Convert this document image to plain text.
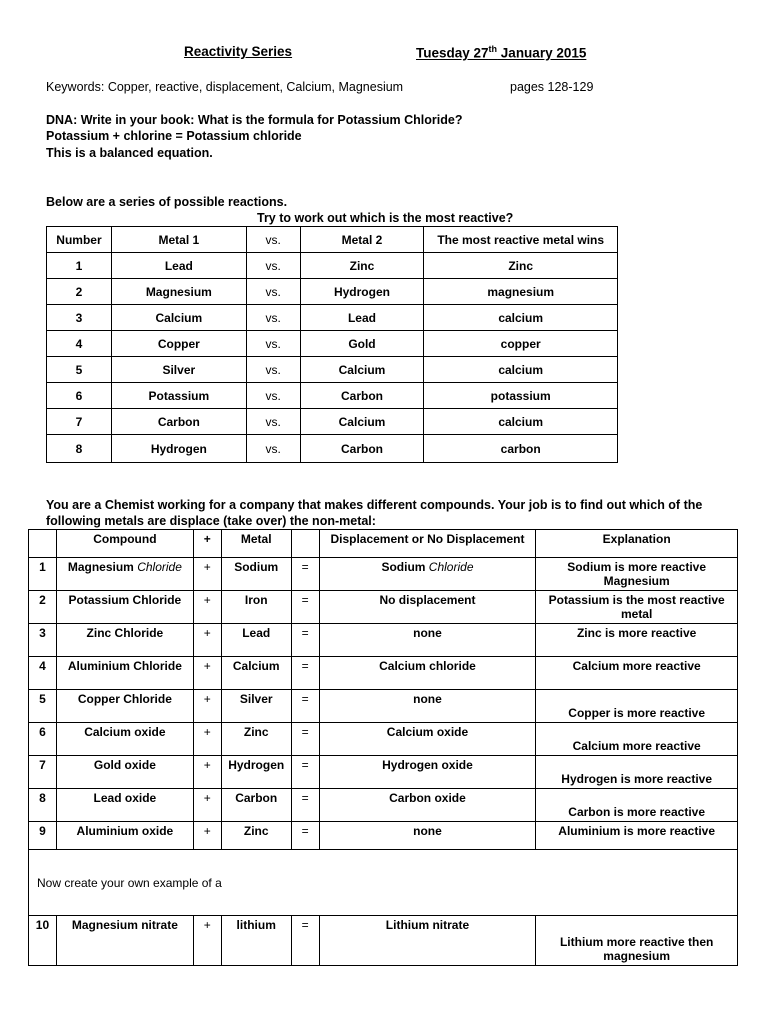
Reactivity Series	Tuesday 27th January 2015
Keywords: Copper, reactive, displacement, Calcium, Magnesium	pages 128-129
DNA: Write in your book: What is the formula for Potassium Chloride?
Potassium + chlorine = Potassium chloride
This is a balanced equation.
Below are a series of possible reactions.
Try to work out which is the most reactive?
Number	Metal 1	vs.	Metal 2	The most reactive metal wins
1	Lead	vs.	Zinc	Zinc
2	Magnesium	vs.	Hydrogen	magnesium
3	Calcium	vs.	Lead	calcium
4	Copper	vs.	Gold	copper
5	Silver	vs.	Calcium	calcium
6	Potassium	vs.	Carbon	potassium
7	Carbon	vs.	Calcium	calcium
8	Hydrogen	vs.	Carbon	carbon
You are a Chemist working for a company that makes different compounds. Your job is to find out which of the
following metals are displace (take over) the non-metal:
	Compound	+	Metal		Displacement or No Displacement	Explanation
1	Magnesium Chloride	+	Sodium	=	Sodium Chloride	Sodium is more reactive Magnesium
2	Potassium Chloride	+	Iron	=	No displacement	Potassium is the most reactive metal
3	Zinc Chloride	+	Lead	=	none	Zinc is more reactive
4	Aluminium Chloride	+	Calcium	=	Calcium chloride	Calcium more reactive
5	Copper Chloride	+	Silver	=	none	Copper is more reactive
6	Calcium oxide	+	Zinc	=	Calcium oxide	Calcium more reactive
7	Gold oxide	+	Hydrogen	=	Hydrogen oxide	Hydrogen is more reactive
8	Lead oxide	+	Carbon	=	Carbon oxide	Carbon is more reactive
9	Aluminium oxide	+	Zinc	=	none	Aluminium is more reactive
Now create your own example of a						
10	Magnesium nitrate	+	lithium	=	Lithium nitrate	Lithium more reactive then magnesium
